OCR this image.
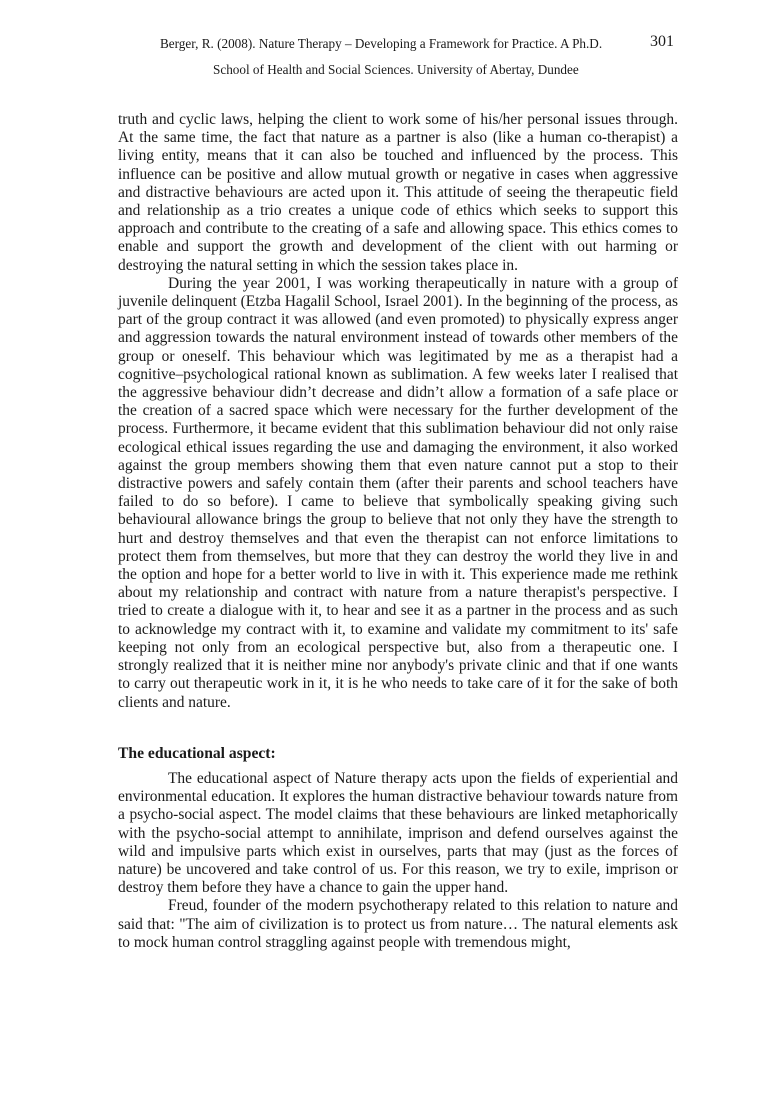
Berger, R. (2008). Nature Therapy – Developing a Framework for Practice. A Ph.D.	301
School of Health and Social Sciences. University of Abertay, Dundee

truth and cyclic laws, helping the client to work some of his/her personal issues through. At the same time, the fact that nature as a partner is also (like a human co-therapist) a living entity, means that it can also be touched and influenced by the process. This influence can be positive and allow mutual growth or negative in cases when aggressive and distractive behaviours are acted upon it. This attitude of seeing the therapeutic field and relationship as a trio creates a unique code of ethics which seeks to support this approach and contribute to the creating of a safe and allowing space. This ethics comes to enable and support the growth and development of the client with out harming or destroying the natural setting in which the session takes place in.

During the year 2001, I was working therapeutically in nature with a group of juvenile delinquent (Etzba Hagalil School, Israel 2001). In the beginning of the process, as part of the group contract it was allowed (and even promoted) to physically express anger and aggression towards the natural environment instead of towards other members of the group or oneself. This behaviour which was legitimated by me as a therapist had a cognitive–psychological rational known as sublimation. A few weeks later I realised that the aggressive behaviour didn’t decrease and didn’t allow a formation of a safe place or the creation of a sacred space which were necessary for the further development of the process. Furthermore, it became evident that this sublimation behaviour did not only raise ecological ethical issues regarding the use and damaging the environment, it also worked against the group members showing them that even nature cannot put a stop to their distractive powers and safely contain them (after their parents and school teachers have failed to do so before). I came to believe that symbolically speaking giving such behavioural allowance brings the group to believe that not only they have the strength to hurt and destroy themselves and that even the therapist can not enforce limitations to protect them from themselves, but more that they can destroy the world they live in and the option and hope for a better world to live in with it. This experience made me rethink about my relationship and contract with nature from a nature therapist's perspective. I tried to create a dialogue with it, to hear and see it as a partner in the process and as such to acknowledge my contract with it, to examine and validate my commitment to its' safe keeping not only from an ecological perspective but, also from a therapeutic one. I strongly realized that it is neither mine nor anybody's private clinic and that if one wants to carry out therapeutic work in it, it is he who needs to take care of it for the sake of both clients and nature.

The educational aspect:

The educational aspect of Nature therapy acts upon the fields of experiential and environmental education. It explores the human distractive behaviour towards nature from a psycho-social aspect. The model claims that these behaviours are linked metaphorically with the psycho-social attempt to annihilate, imprison and defend ourselves against the wild and impulsive parts which exist in ourselves, parts that may (just as the forces of nature) be uncovered and take control of us. For this reason, we try to exile, imprison or destroy them before they have a chance to gain the upper hand.

Freud, founder of the modern psychotherapy related to this relation to nature and said that: "The aim of civilization is to protect us from nature… The natural elements ask to mock human control straggling against people with tremendous might,
